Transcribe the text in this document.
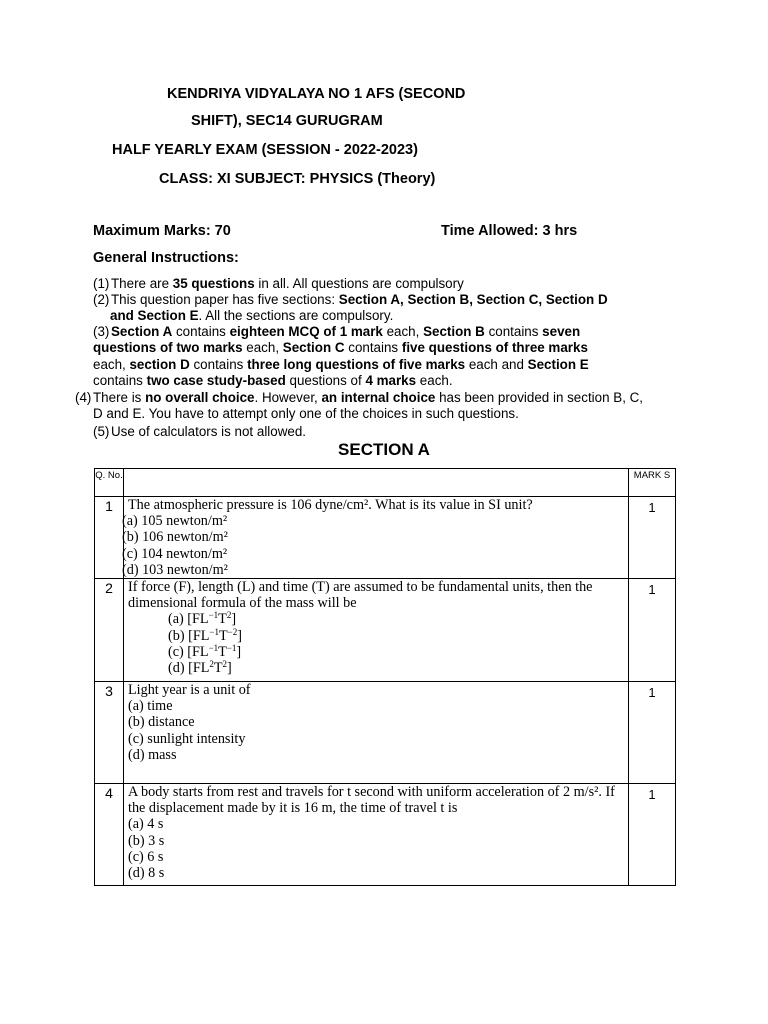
KENDRIYA VIDYALAYA NO 1 AFS (SECOND
SHIFT), SEC14 GURUGRAM
HALF YEARLY EXAM (SESSION - 2022-2023)
CLASS: XI SUBJECT: PHYSICS (Theory)
Maximum Marks: 70	Time Allowed: 3 hrs
General Instructions:
(1) There are 35 questions in all. All questions are compulsory
(2) This question paper has five sections: Section A, Section B, Section C, Section D
and Section E. All the sections are compulsory.
(3) Section A contains eighteen MCQ of 1 mark each, Section B contains seven
questions of two marks each, Section C contains five questions of three marks
each, section D contains three long questions of five marks each and Section E
contains two case study-based questions of 4 marks each.
(4) There is no overall choice. However, an internal choice has been provided in section B, C,
D and E. You have to attempt only one of the choices in such questions.
(5) Use of calculators is not allowed.
SECTION A
Q. No.		MARK S
1	The atmospheric pressure is 106 dyne/cm². What is its value in SI unit?
(a) 105 newton/m²
(b) 106 newton/m²
(c) 104 newton/m²
(d) 103 newton/m²	1
2	If force (F), length (L) and time (T) are assumed to be fundamental units, then the dimensional formula of the mass will be
(a) $[FL^{-1}T^2]$
(b) $[FL^{-1}T^{-2}]$
(c) $[FL^{-1}T^{-1}]$
(d) $[FL^2T^2]$	1
3	Light year is a unit of
(a) time
(b) distance
(c) sunlight intensity
(d) mass	1
4	A body starts from rest and travels for t second with uniform acceleration of 2 m/s². If the displacement made by it is 16 m, the time of travel t is
(a) 4 s
(b) 3 s
(c) 6 s
(d) 8 s	1
